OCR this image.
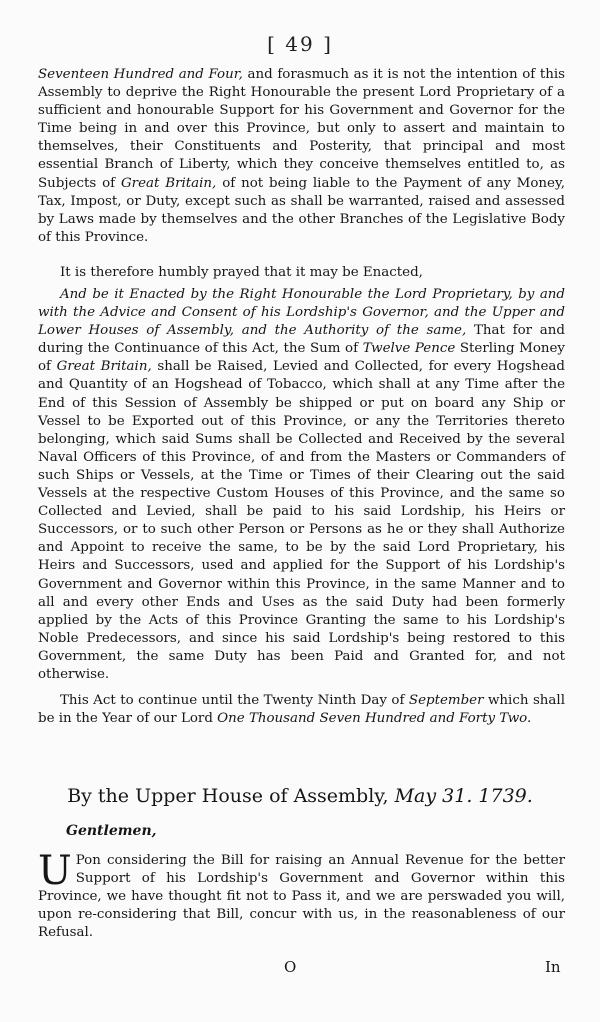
[ 49 ]

Seventeen Hundred and Four, and forasmuch as it is not the intention of this Assembly to deprive the Right Honourable the present Lord Proprietary of a sufficient and honourable Support for his Government and Governor for the Time being in and over this Province, but only to assert and maintain to themselves, their Constituents and Posterity, that principal and most essential Branch of Liberty, which they conceive themselves entitled to, as Subjects of Great Britain, of not being liable to the Payment of any Money, Tax, Impost, or Duty, except such as shall be warranted, raised and assessed by Laws made by themselves and the other Branches of the Legislative Body of this Province.

It is therefore humbly prayed that it may be Enacted,

And be it Enacted by the Right Honourable the Lord Proprietary, by and with the Advice and Consent of his Lordship's Governor, and the Upper and Lower Houses of Assembly, and the Authority of the same, That for and during the Continuance of this Act, the Sum of Twelve Pence Sterling Money of Great Britain, shall be Raised, Levied and Collected, for every Hogshead and Quantity of an Hogshead of Tobacco, which shall at any Time after the End of this Session of Assembly be shipped or put on board any Ship or Vessel to be Exported out of this Province, or any the Territories thereto belonging, which said Sums shall be Collected and Received by the several Naval Officers of this Province, of and from the Masters or Commanders of such Ships or Vessels, at the Time or Times of their Clearing out the said Vessels at the respective Custom Houses of this Province, and the same so Collected and Levied, shall be paid to his said Lordship, his Heirs or Successors, or to such other Person or Persons as he or they shall Authorize and Appoint to receive the same, to be by the said Lord Proprietary, his Heirs and Successors, used and applied for the Support of his Lordship's Government and Governor within this Province, in the same Manner and to all and every other Ends and Uses as the said Duty had been formerly applied by the Acts of this Province Granting the same to his Lordship's Noble Predecessors, and since his said Lordship's being restored to this Government, the same Duty has been Paid and Granted for, and not otherwise.

This Act to continue until the Twenty Ninth Day of September which shall be in the Year of our Lord One Thousand Seven Hundred and Forty Two.

By the Upper House of Assembly, May 31. 1739.
Gentlemen,

U Pon considering the Bill for raising an Annual Revenue for the better Support of his Lordship's Government and Governor within this Province, we have thought fit not to Pass it, and we are perswaded you will, upon re-considering that Bill, concur with us, in the reasonableness of our Refusal.

O	In
